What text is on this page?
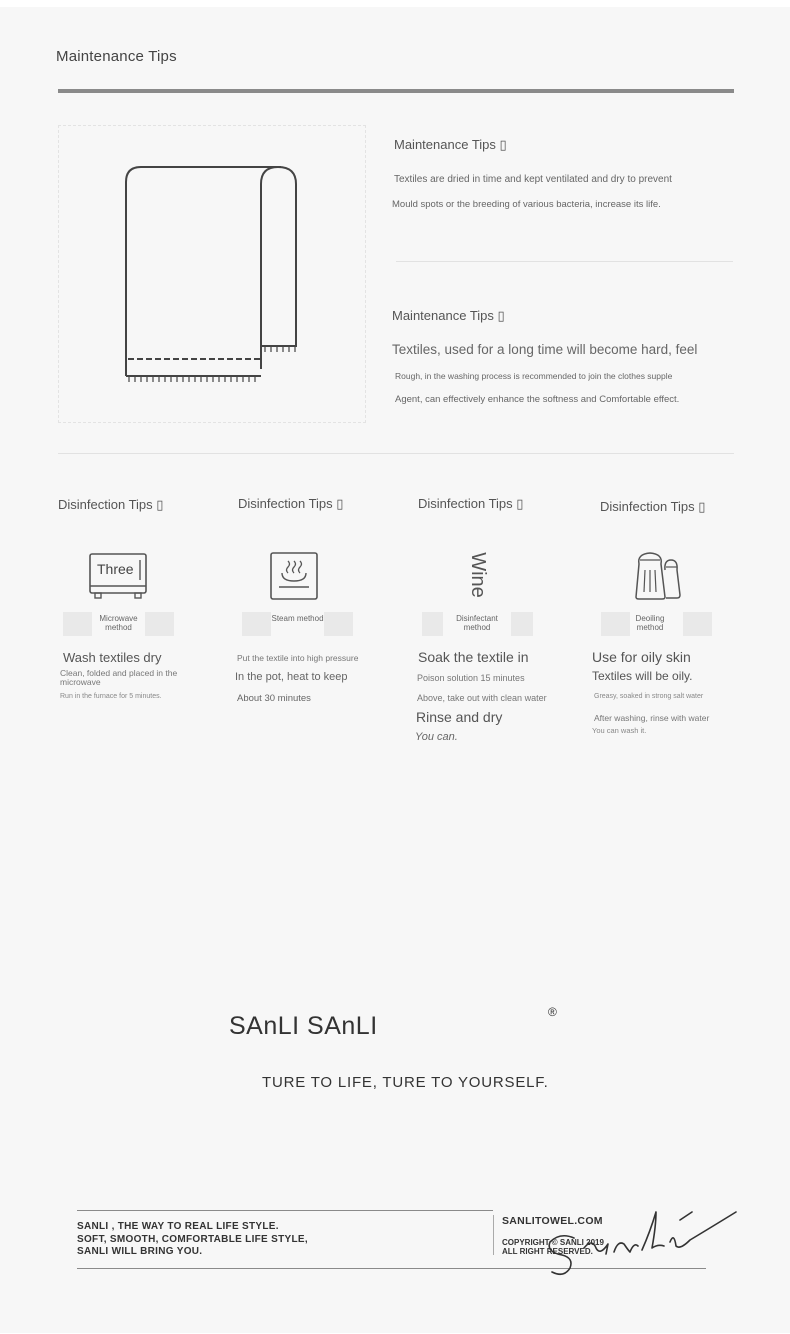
Maintenance Tips
Maintenance Tips ▯
Textiles are dried in time and kept ventilated and dry to prevent
Mould spots or the breeding of various bacteria, increase its life.
Maintenance Tips ▯
Textiles, used for a long time will become hard, feel
Rough, in the washing process is recommended to join the clothes supple
Agent, can effectively enhance the softness and Comfortable effect.
Disinfection Tips ▯
Three
Microwave method
Wash textiles dry
Clean, folded and placed in the microwave
Run in the furnace for 5 minutes.
Disinfection Tips ▯
Steam method
Put the textile into high pressure
In the pot, heat to keep
About 30 minutes
Disinfection Tips ▯
Wine
Disinfectant method
Soak the textile in
Poison solution 15 minutes
Above, take out with clean water
Rinse and dry
You can.
Disinfection Tips ▯
Deoiling method
Use for oily skin
Textiles will be oily.
Greasy, soaked in strong salt water
After washing, rinse with water
You can wash it.
SAnLI SAnLI	®
TURE TO LIFE, TURE TO YOURSELF.
SANLI , THE WAY TO REAL LIFE STYLE.
SOFT, SMOOTH, COMFORTABLE LIFE STYLE,
SANLI WILL BRING YOU.
SANLITOWEL.COM
COPYRIGHT © SANLI 2019
ALL RIGHT RESERVED.
